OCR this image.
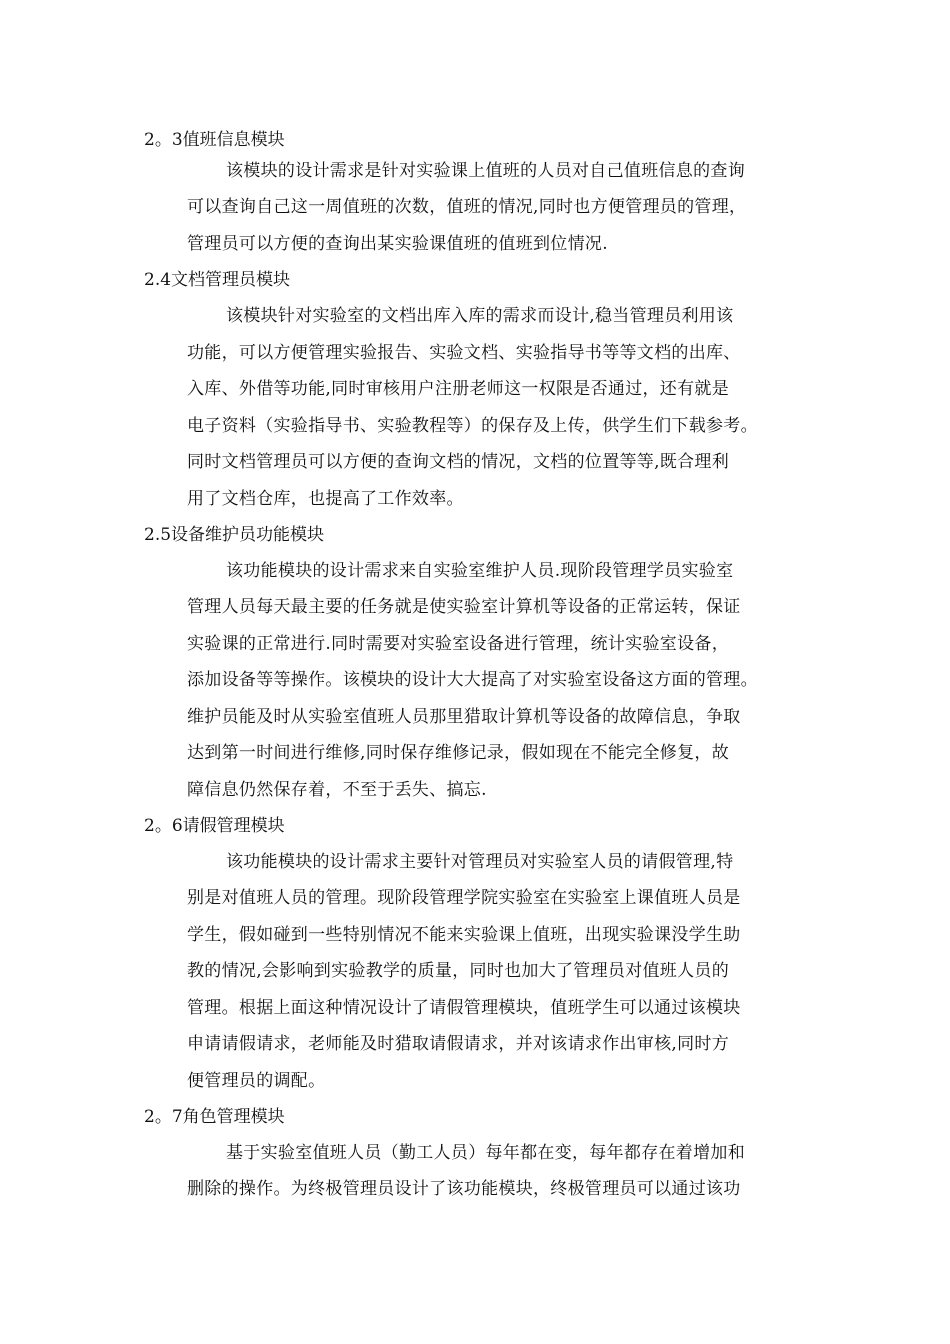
2。3值班信息模块
该模块的设计需求是针对实验课上值班的人员对自己值班信息的查询
可以查询自己这一周值班的次数，值班的情况,同时也方便管理员的管理，
管理员可以方便的查询出某实验课值班的值班到位情况.
2.4文档管理员模块
该模块针对实验室的文档出库入库的需求而设计,稳当管理员利用该
功能，可以方便管理实验报告、实验文档、实验指导书等等文档的出库、
入库、外借等功能,同时审核用户注册老师这一权限是否通过，还有就是
电子资料（实验指导书、实验教程等）的保存及上传，供学生们下载参考。
同时文档管理员可以方便的查询文档的情况，文档的位置等等,既合理利
用了文档仓库，也提高了工作效率。
2.5设备维护员功能模块
该功能模块的设计需求来自实验室维护人员.现阶段管理学员实验室
管理人员每天最主要的任务就是使实验室计算机等设备的正常运转，保证
实验课的正常进行.同时需要对实验室设备进行管理，统计实验室设备，
添加设备等等操作。该模块的设计大大提高了对实验室设备这方面的管理。
维护员能及时从实验室值班人员那里猎取计算机等设备的故障信息，争取
达到第一时间进行维修,同时保存维修记录，假如现在不能完全修复，故
障信息仍然保存着，不至于丢失、搞忘.
2。6请假管理模块
该功能模块的设计需求主要针对管理员对实验室人员的请假管理,特
别是对值班人员的管理。现阶段管理学院实验室在实验室上课值班人员是
学生，假如碰到一些特别情况不能来实验课上值班，出现实验课没学生助
教的情况,会影响到实验教学的质量，同时也加大了管理员对值班人员的
管理。根据上面这种情况设计了请假管理模块，值班学生可以通过该模块
申请请假请求，老师能及时猎取请假请求，并对该请求作出审核,同时方
便管理员的调配。
2。7角色管理模块
基于实验室值班人员（勤工人员）每年都在变，每年都存在着增加和
删除的操作。为终极管理员设计了该功能模块，终极管理员可以通过该功
